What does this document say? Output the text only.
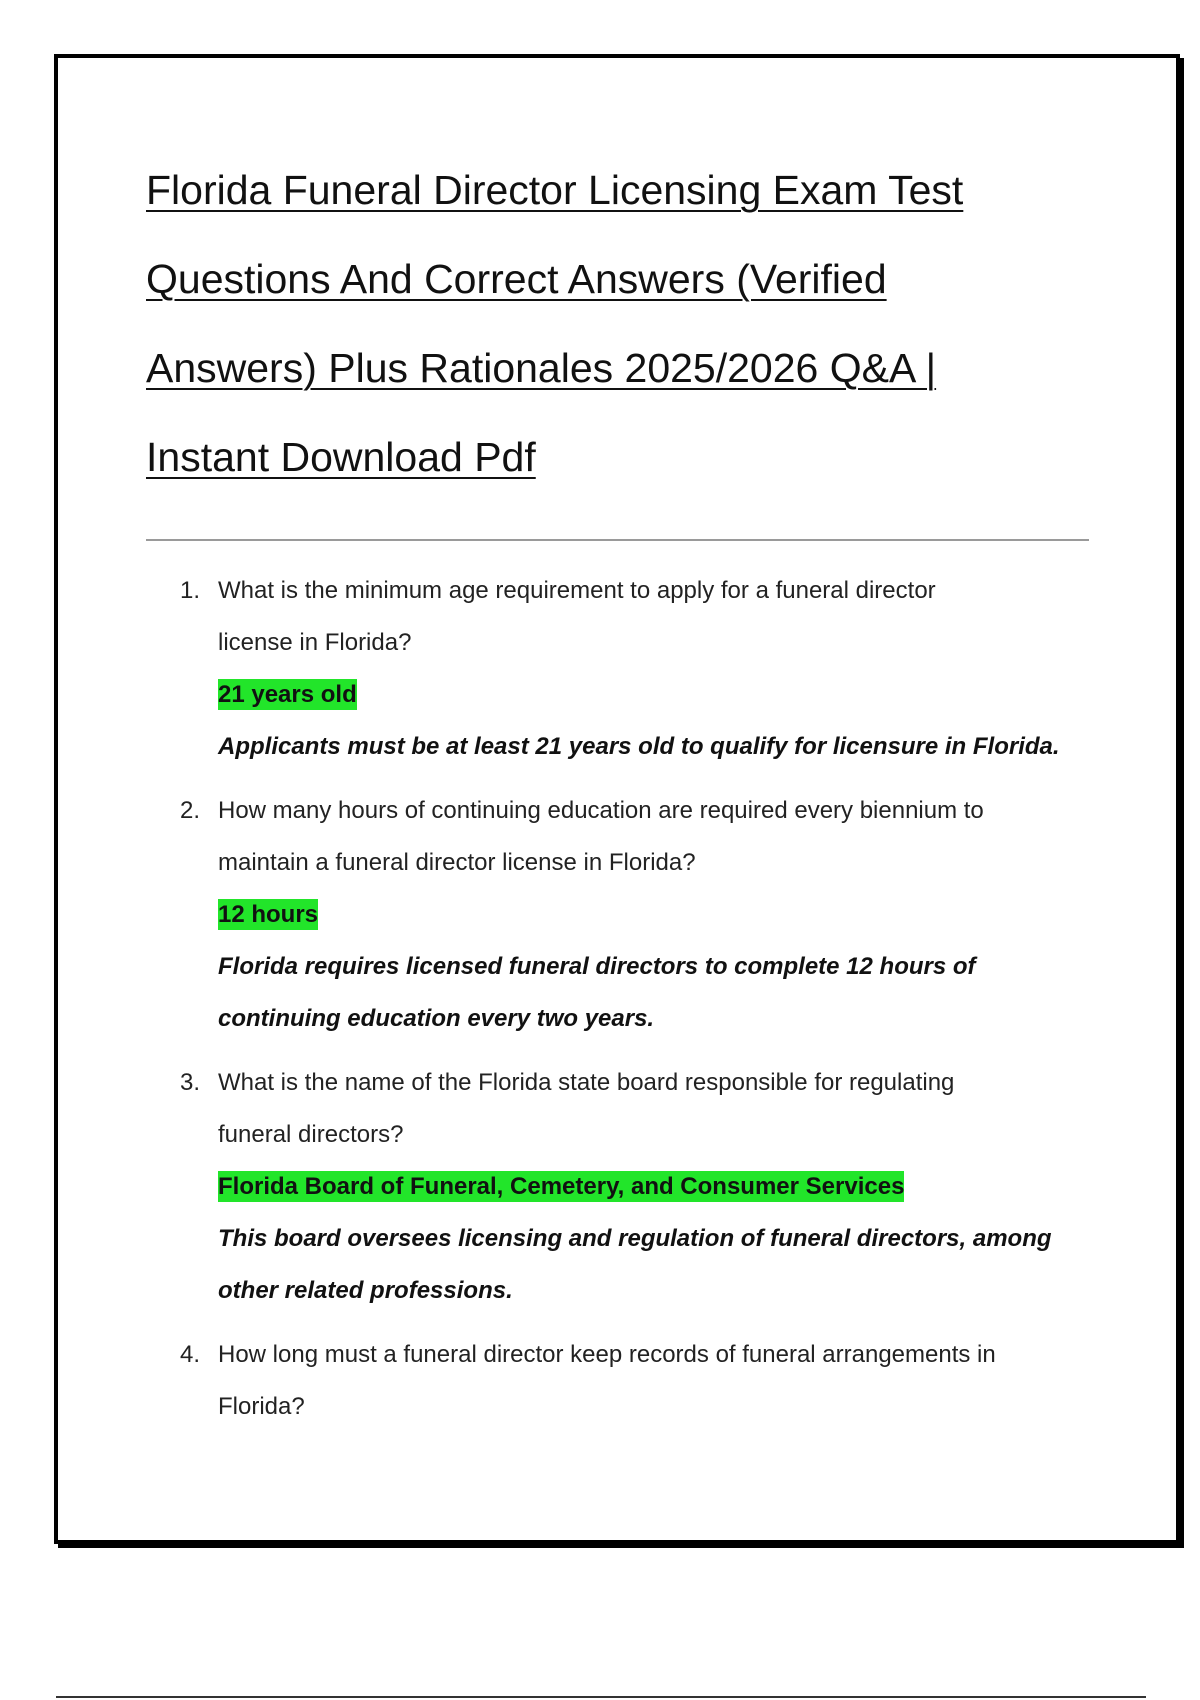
Florida Funeral Director Licensing Exam Test
Questions And Correct Answers (Verified
Answers) Plus Rationales 2025/2026 Q&A |
Instant Download Pdf
1. What is the minimum age requirement to apply for a funeral director
license in Florida?
21 years old
Applicants must be at least 21 years old to qualify for licensure in Florida.
2. How many hours of continuing education are required every biennium to
maintain a funeral director license in Florida?
12 hours
Florida requires licensed funeral directors to complete 12 hours of
continuing education every two years.
3. What is the name of the Florida state board responsible for regulating
funeral directors?
Florida Board of Funeral, Cemetery, and Consumer Services
This board oversees licensing and regulation of funeral directors, among
other related professions.
4. How long must a funeral director keep records of funeral arrangements in
Florida?
